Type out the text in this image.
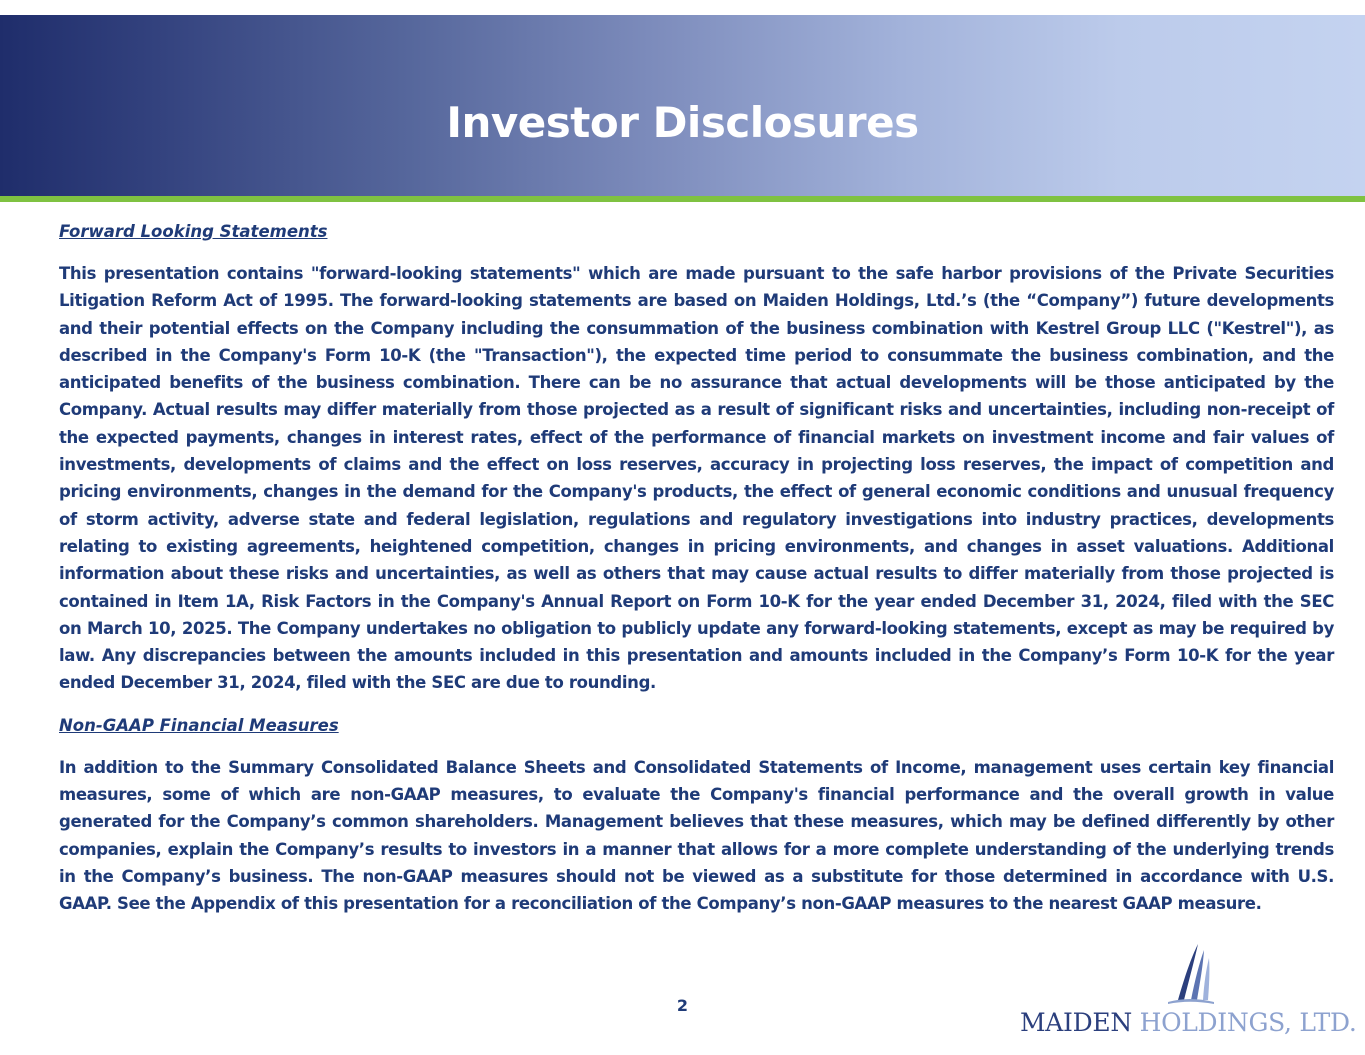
Investor Disclosures
Forward Looking Statements

This presentation contains "forward-looking statements" which are made pursuant to the safe harbor provisions of the Private Securities Litigation Reform Act of 1995. The forward-looking statements are based on Maiden Holdings, Ltd.’s (the “Company”) future developments and their potential effects on the Company including the consummation of the business combination with Kestrel Group LLC ("Kestrel"), as described in the Company's Form 10-K (the "Transaction"), the expected time period to consummate the business combination, and the anticipated benefits of the business combination. There can be no assurance that actual developments will be those anticipated by the Company. Actual results may differ materially from those projected as a result of significant risks and uncertainties, including non-receipt of the expected payments, changes in interest rates, effect of the performance of financial markets on investment income and fair values of investments, developments of claims and the effect on loss reserves, accuracy in projecting loss reserves, the impact of competition and pricing environments, changes in the demand for the Company's products, the effect of general economic conditions and unusual frequency of storm activity, adverse state and federal legislation, regulations and regulatory investigations into industry practices, developments relating to existing agreements, heightened competition, changes in pricing environments, and changes in asset valuations. Additional information about these risks and uncertainties, as well as others that may cause actual results to differ materially from those projected is contained in Item 1A, Risk Factors in the Company's Annual Report on Form 10-K for the year ended December 31, 2024, filed with the SEC on March 10, 2025. The Company undertakes no obligation to publicly update any forward-looking statements, except as may be required by law. Any discrepancies between the amounts included in this presentation and amounts included in the Company’s Form 10-K for the year ended December 31, 2024, filed with the SEC are due to rounding.

Non-GAAP Financial Measures

In addition to the Summary Consolidated Balance Sheets and Consolidated Statements of Income, management uses certain key financial measures, some of which are non-GAAP measures, to evaluate the Company's financial performance and the overall growth in value generated for the Company’s common shareholders. Management believes that these measures, which may be defined differently by other companies, explain the Company’s results to investors in a manner that allows for a more complete understanding of the underlying trends in the Company’s business. The non-GAAP measures should not be viewed as a substitute for those determined in accordance with U.S. GAAP. See the Appendix of this presentation for a reconciliation of the Company’s non-GAAP measures to the nearest GAAP measure.

2
MAIDEN HOLDINGS, LTD.
